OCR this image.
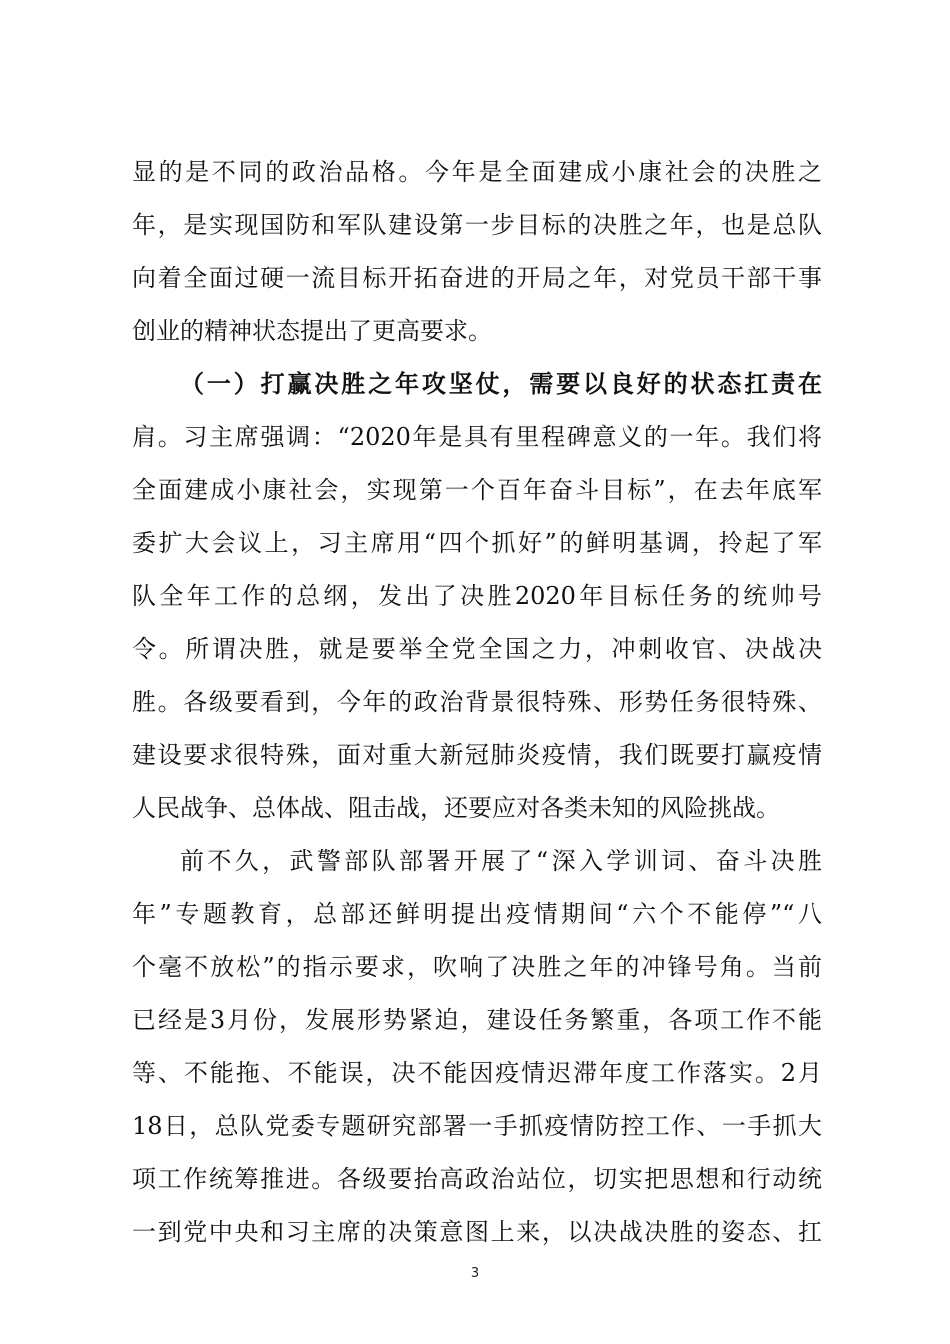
显的是不同的政治品格。今年是全面建成小康社会的决胜之
年，是实现国防和军队建设第一步目标的决胜之年，也是总队
向着全面过硬一流目标开拓奋进的开局之年，对党员干部干事
创业的精神状态提出了更高要求。
（一）打赢决胜之年攻坚仗，需要以良好的状态扛责在
肩。习主席强调：“2020年是具有里程碑意义的一年。我们将
全面建成小康社会，实现第一个百年奋斗目标”，在去年底军
委扩大会议上，习主席用“四个抓好”的鲜明基调，拎起了军
队全年工作的总纲，发出了决胜2020年目标任务的统帅号
令。所谓决胜，就是要举全党全国之力，冲刺收官、决战决
胜。各级要看到，今年的政治背景很特殊、形势任务很特殊、
建设要求很特殊，面对重大新冠肺炎疫情，我们既要打赢疫情
人民战争、总体战、阻击战，还要应对各类未知的风险挑战。
前不久，武警部队部署开展了“深入学训词、奋斗决胜
年”专题教育，总部还鲜明提出疫情期间“六个不能停”“八
个毫不放松”的指示要求，吹响了决胜之年的冲锋号角。当前
已经是3月份，发展形势紧迫，建设任务繁重，各项工作不能
等、不能拖、不能误，决不能因疫情迟滞年度工作落实。2月
18日，总队党委专题研究部署一手抓疫情防控工作、一手抓大
项工作统筹推进。各级要抬高政治站位，切实把思想和行动统
一到党中央和习主席的决策意图上来，以决战决胜的姿态、扛
3
